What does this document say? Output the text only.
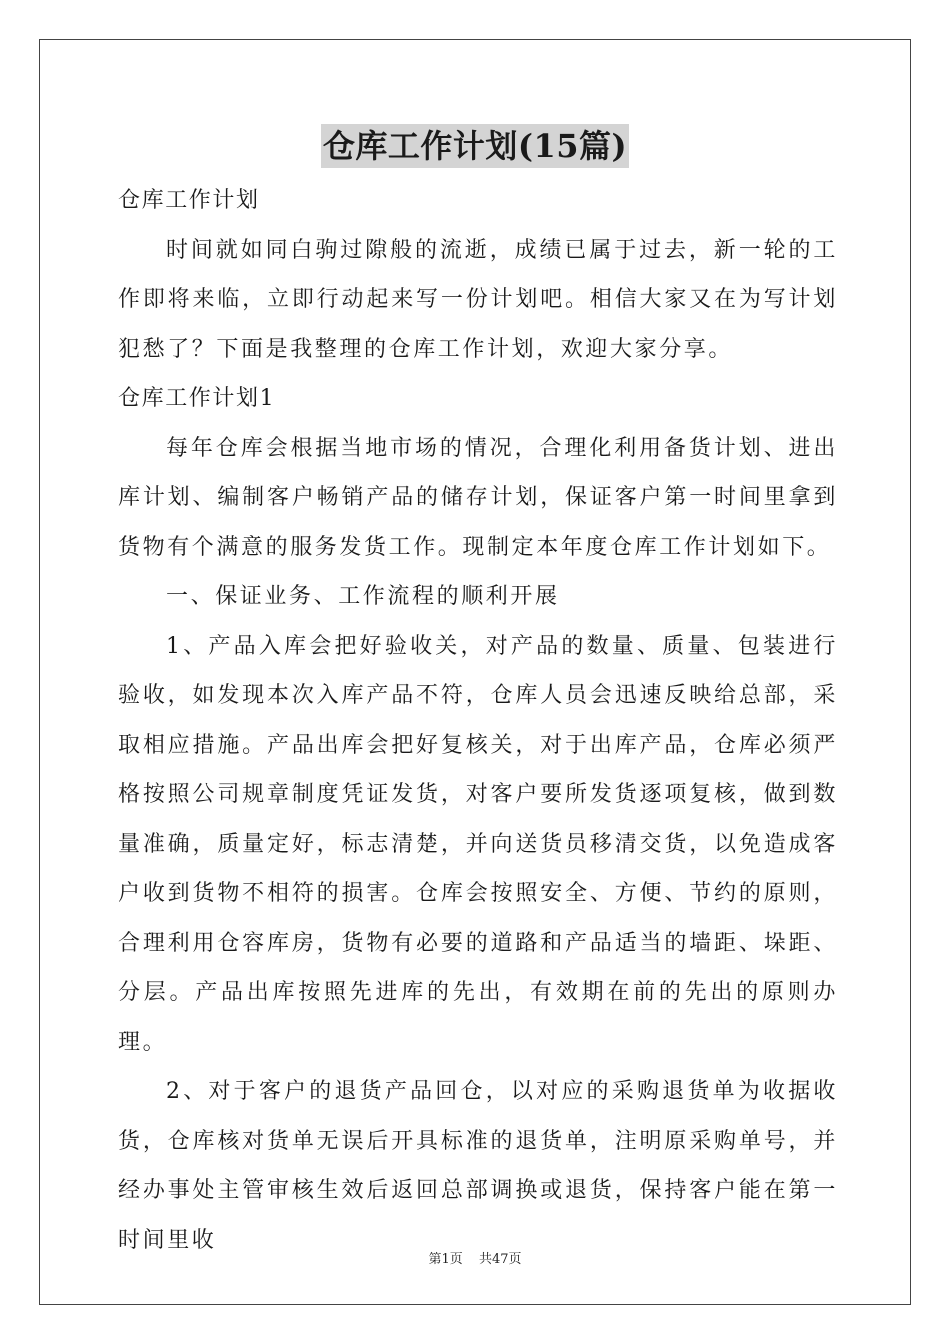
仓库工作计划(15篇)

仓库工作计划

时间就如同白驹过隙般的流逝，成绩已属于过去，新一轮的工作即将来临，立即行动起来写一份计划吧。相信大家又在为写计划犯愁了？下面是我整理的仓库工作计划，欢迎大家分享。

仓库工作计划1

每年仓库会根据当地市场的情况，合理化利用备货计划、进出库计划、编制客户畅销产品的储存计划，保证客户第一时间里拿到货物有个满意的服务发货工作。现制定本年度仓库工作计划如下。

一、保证业务、工作流程的顺利开展

1、产品入库会把好验收关，对产品的数量、质量、包装进行验收，如发现本次入库产品不符，仓库人员会迅速反映给总部，采取相应措施。产品出库会把好复核关，对于出库产品，仓库必须严格按照公司规章制度凭证发货，对客户要所发货逐项复核，做到数量准确，质量定好，标志清楚，并向送货员移清交货，以免造成客户收到货物不相符的损害。仓库会按照安全、方便、节约的原则，合理利用仓容库房，货物有必要的道路和产品适当的墙距、垛距、分层。产品出库按照先进库的先出，有效期在前的先出的原则办理。

2、对于客户的退货产品回仓，以对应的采购退货单为收据收货，仓库核对货单无误后开具标准的退货单，注明原采购单号，并经办事处主管审核生效后返回总部调换或退货，保持客户能在第一时间里收

第1页 共47页
